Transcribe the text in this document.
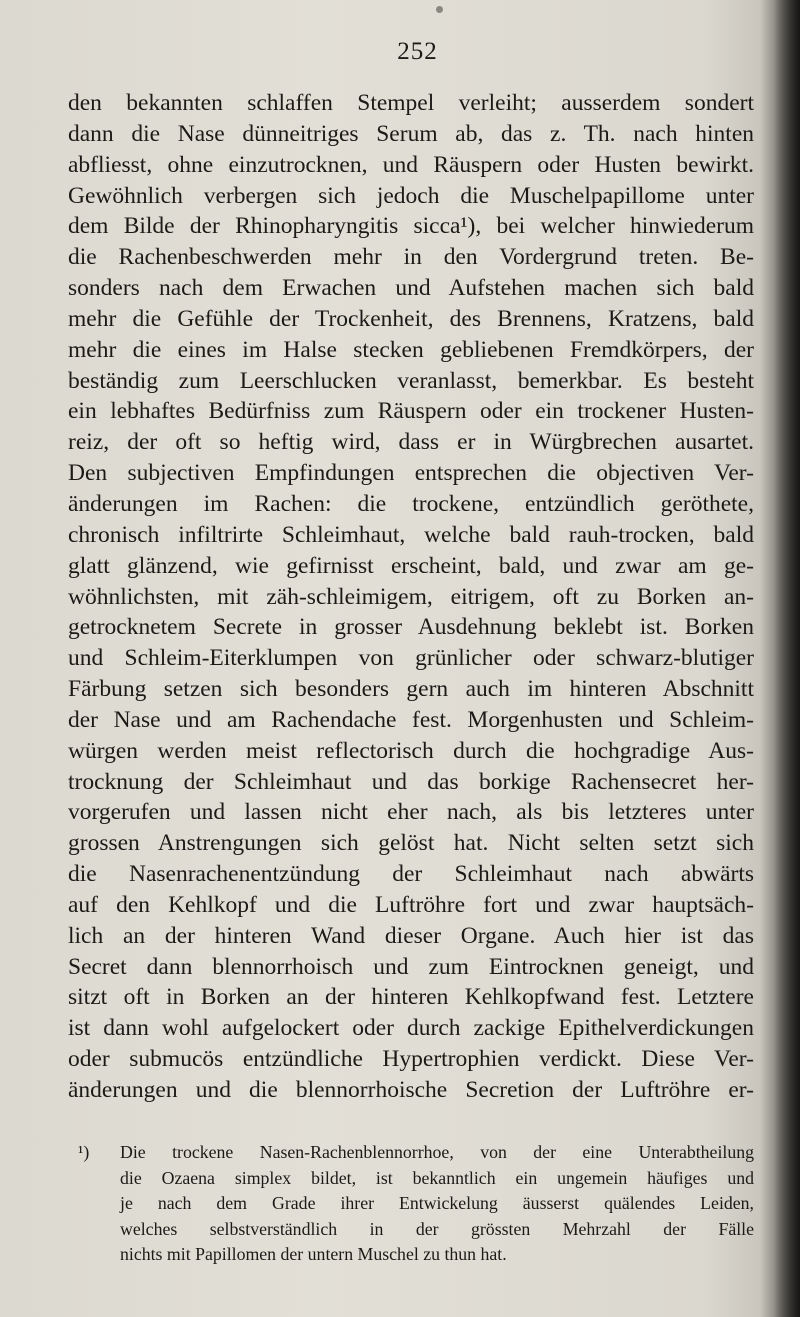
252
den bekannten schlaffen Stempel verleiht; ausserdem sondert
dann die Nase dünneitriges Serum ab, das z. Th. nach hinten
abfliesst, ohne einzutrocknen, und Räuspern oder Husten bewirkt.
Gewöhnlich verbergen sich jedoch die Muschelpapillome unter
dem Bilde der Rhinopharyngitis sicca¹), bei welcher hinwiederum
die Rachenbeschwerden mehr in den Vordergrund treten. Be-
sonders nach dem Erwachen und Aufstehen machen sich bald
mehr die Gefühle der Trockenheit, des Brennens, Kratzens, bald
mehr die eines im Halse stecken gebliebenen Fremdkörpers, der
beständig zum Leerschlucken veranlasst, bemerkbar. Es besteht
ein lebhaftes Bedürfniss zum Räuspern oder ein trockener Husten-
reiz, der oft so heftig wird, dass er in Würgbrechen ausartet.
Den subjectiven Empfindungen entsprechen die objectiven Ver-
änderungen im Rachen: die trockene, entzündlich geröthete,
chronisch infiltrirte Schleimhaut, welche bald rauh-trocken, bald
glatt glänzend, wie gefirnisst erscheint, bald, und zwar am ge-
wöhnlichsten, mit zäh-schleimigem, eitrigem, oft zu Borken an-
getrocknetem Secrete in grosser Ausdehnung beklebt ist. Borken
und Schleim-Eiterklumpen von grünlicher oder schwarz-blutiger
Färbung setzen sich besonders gern auch im hinteren Abschnitt
der Nase und am Rachendache fest. Morgenhusten und Schleim-
würgen werden meist reflectorisch durch die hochgradige Aus-
trocknung der Schleimhaut und das borkige Rachensecret her-
vorgerufen und lassen nicht eher nach, als bis letzteres unter
grossen Anstrengungen sich gelöst hat. Nicht selten setzt sich
die Nasenrachenentzündung der Schleimhaut nach abwärts
auf den Kehlkopf und die Luftröhre fort und zwar hauptsäch-
lich an der hinteren Wand dieser Organe. Auch hier ist das
Secret dann blennorrhoisch und zum Eintrocknen geneigt, und
sitzt oft in Borken an der hinteren Kehlkopfwand fest. Letztere
ist dann wohl aufgelockert oder durch zackige Epithelverdickungen
oder submucös entzündliche Hypertrophien verdickt. Diese Ver-
änderungen und die blennorrhoische Secretion der Luftröhre er-
¹)	Die trockene Nasen-Rachenblennorrhoe, von der eine Unterabtheilung
die Ozaena simplex bildet, ist bekanntlich ein ungemein häufiges und
je nach dem Grade ihrer Entwickelung äusserst quälendes Leiden,
welches selbstverständlich in der grössten Mehrzahl der Fälle
nichts mit Papillomen der untern Muschel zu thun hat.
